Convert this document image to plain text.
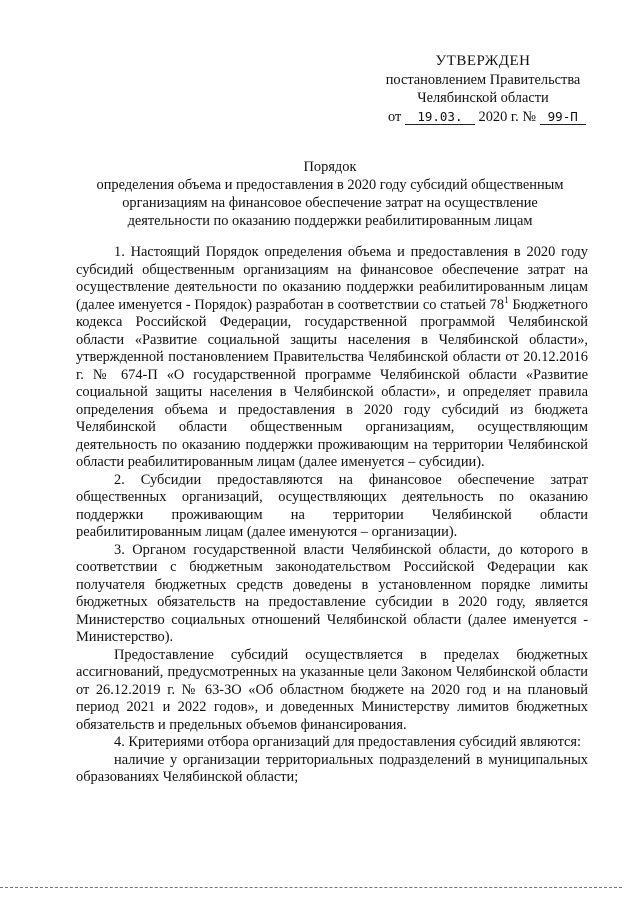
УТВЕРЖДЕН
постановлением Правительства
Челябинской области
от 19.03. 2020 г. № 99-П
Порядок
определения объема и предоставления в 2020 году субсидий общественным
организациям на финансовое обеспечение затрат на осуществление
деятельности по оказанию поддержки реабилитированным лицам

1. Настоящий Порядок определения объема и предоставления в 2020 году субсидий общественным организациям на финансовое обеспечение затрат на осуществление деятельности по оказанию поддержки реабилитированным лицам (далее именуется - Порядок) разработан в соответствии со статьей $78^1$ Бюджетного кодекса Российской Федерации, государственной программой Челябинской области «Развитие социальной защиты населения в Челябинской области», утвержденной постановлением Правительства Челябинской области от 20.12.2016 г. № 674-П «О государственной программе Челябинской области «Развитие социальной защиты населения в Челябинской области», и определяет правила определения объема и предоставления в 2020 году субсидий из бюджета Челябинской области общественным организациям, осуществляющим деятельность по оказанию поддержки проживающим на территории Челябинской области реабилитированным лицам (далее именуется – субсидии).

2. Субсидии предоставляются на финансовое обеспечение затрат общественных организаций, осуществляющих деятельность по оказанию поддержки проживающим на территории Челябинской области реабилитированным лицам (далее именуются – организации).

3. Органом государственной власти Челябинской области, до которого в соответствии с бюджетным законодательством Российской Федерации как получателя бюджетных средств доведены в установленном порядке лимиты бюджетных обязательств на предоставление субсидии в 2020 году, является Министерство социальных отношений Челябинской области (далее именуется - Министерство).

Предоставление субсидий осуществляется в пределах бюджетных ассигнований, предусмотренных на указанные цели Законом Челябинской области от 26.12.2019 г. № 63-ЗО «Об областном бюджете на 2020 год и на плановый период 2021 и 2022 годов», и доведенных Министерству лимитов бюджетных обязательств и предельных объемов финансирования.

4. Критериями отбора организаций для предоставления субсидий являются:

наличие у организации территориальных подразделений в муниципальных образованиях Челябинской области;
